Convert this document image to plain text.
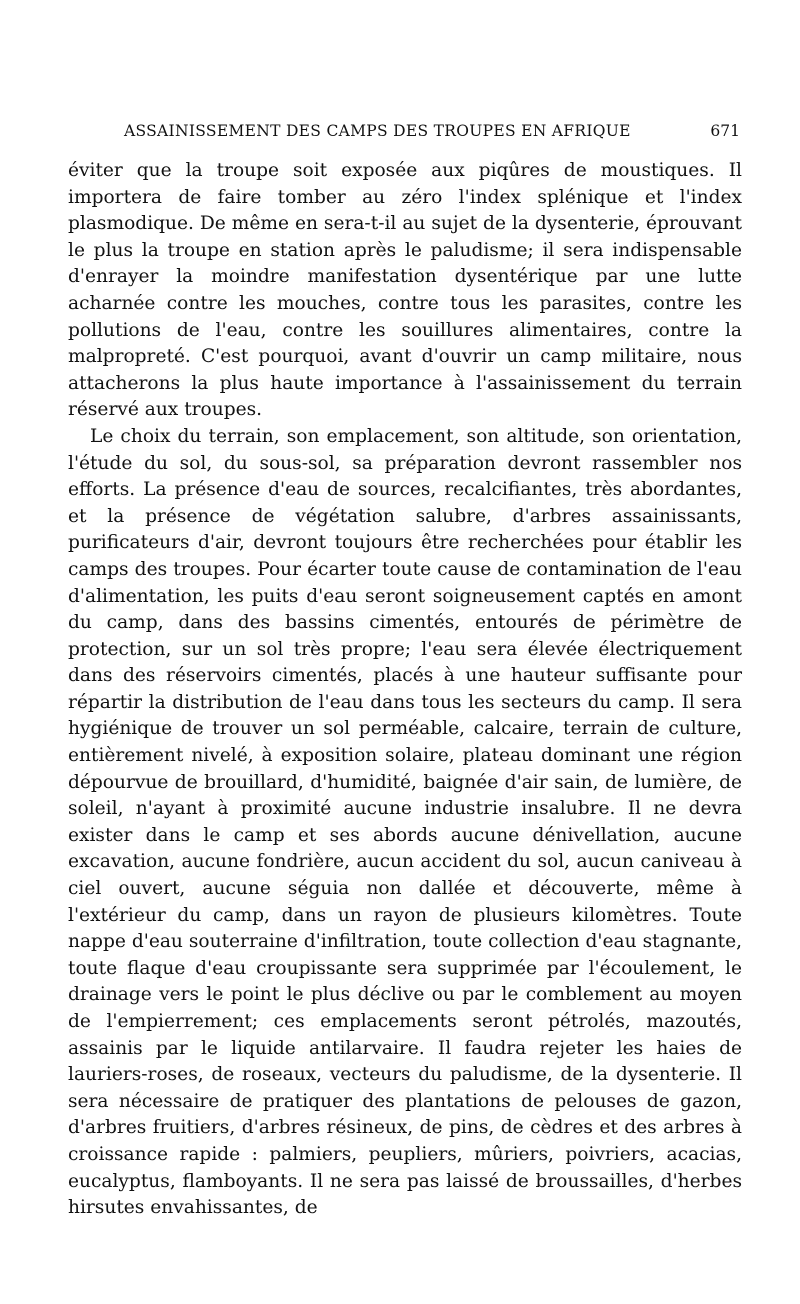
ASSAINISSEMENT DES CAMPS DES TROUPES EN AFRIQUE	671

éviter que la troupe soit exposée aux piqûres de moustiques. Il importera de faire tomber au zéro l'index splénique et l'index plasmodique. De même en sera-t-il au sujet de la dysenterie, éprouvant le plus la troupe en station après le paludisme; il sera indispensable d'enrayer la moindre manifestation dysentérique par une lutte acharnée contre les mouches, contre tous les parasites, contre les pollutions de l'eau, contre les souillures alimentaires, contre la malpropreté. C'est pourquoi, avant d'ouvrir un camp militaire, nous attacherons la plus haute importance à l'assainissement du terrain réservé aux troupes.

Le choix du terrain, son emplacement, son altitude, son orientation, l'étude du sol, du sous-sol, sa préparation devront rassembler nos efforts. La présence d'eau de sources, recalcifiantes, très abordantes, et la présence de végétation salubre, d'arbres assainissants, purificateurs d'air, devront toujours être recherchées pour établir les camps des troupes. Pour écarter toute cause de contamination de l'eau d'alimentation, les puits d'eau seront soigneusement captés en amont du camp, dans des bassins cimentés, entourés de périmètre de protection, sur un sol très propre; l'eau sera élevée électriquement dans des réservoirs cimentés, placés à une hauteur suffisante pour répartir la distribution de l'eau dans tous les secteurs du camp. Il sera hygiénique de trouver un sol perméable, calcaire, terrain de culture, entièrement nivelé, à exposition solaire, plateau dominant une région dépourvue de brouillard, d'humidité, baignée d'air sain, de lumière, de soleil, n'ayant à proximité aucune industrie insalubre. Il ne devra exister dans le camp et ses abords aucune dénivellation, aucune excavation, aucune fondrière, aucun accident du sol, aucun caniveau à ciel ouvert, aucune séguia non dallée et découverte, même à l'extérieur du camp, dans un rayon de plusieurs kilomètres. Toute nappe d'eau souterraine d'infiltration, toute collection d'eau stagnante, toute flaque d'eau croupissante sera supprimée par l'écoulement, le drainage vers le point le plus déclive ou par le comblement au moyen de l'empierrement; ces emplacements seront pétrolés, mazoutés, assainis par le liquide antilarvaire. Il faudra rejeter les haies de lauriers-roses, de roseaux, vecteurs du paludisme, de la dysenterie. Il sera nécessaire de pratiquer des plantations de pelouses de gazon, d'arbres fruitiers, d'arbres résineux, de pins, de cèdres et des arbres à croissance rapide : palmiers, peupliers, mûriers, poivriers, acacias, eucalyptus, flamboyants. Il ne sera pas laissé de broussailles, d'herbes hirsutes envahissantes, de
